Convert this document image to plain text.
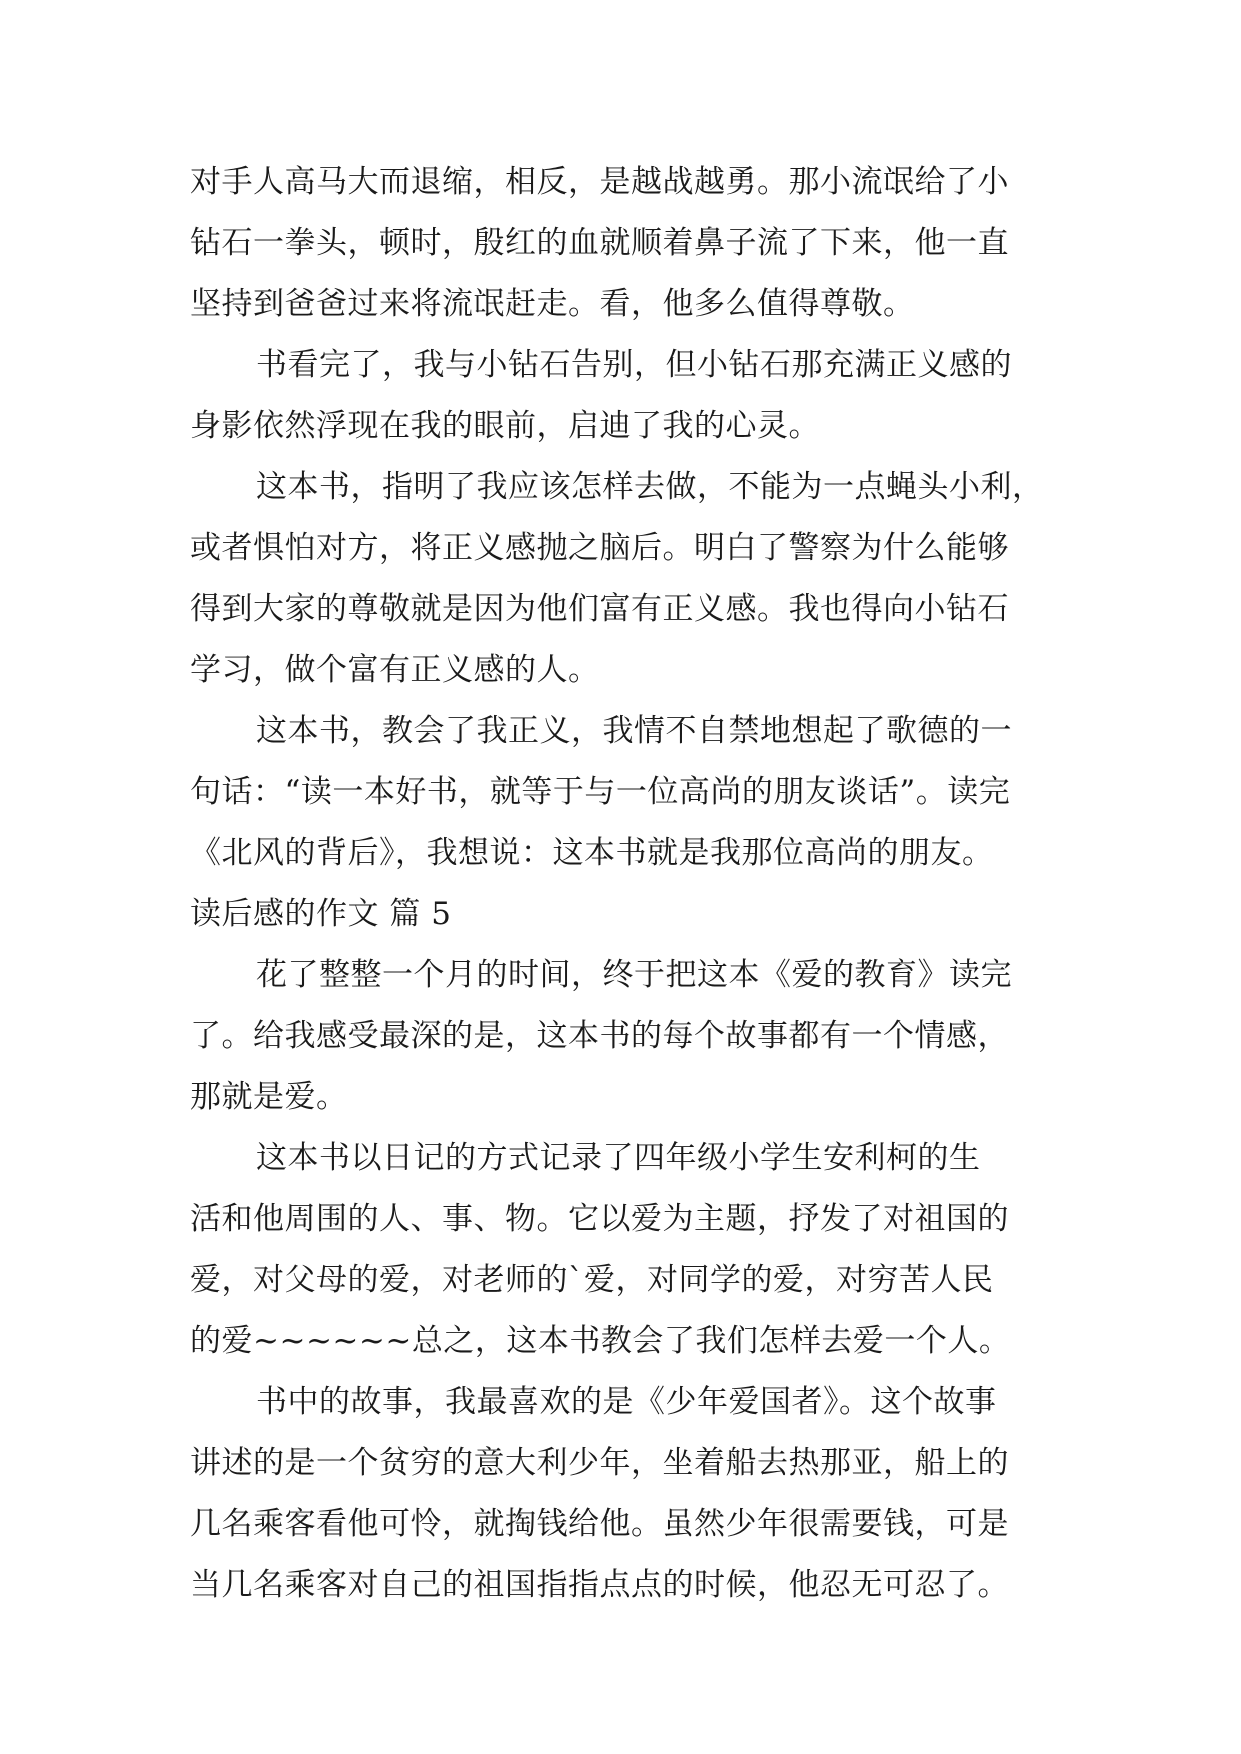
对手人高马大而退缩，相反，是越战越勇。那小流氓给了小
钻石一拳头，顿时，殷红的血就顺着鼻子流了下来，他一直
坚持到爸爸过来将流氓赶走。看，他多么值得尊敬。
书看完了，我与小钻石告别，但小钻石那充满正义感的
身影依然浮现在我的眼前，启迪了我的心灵。
这本书，指明了我应该怎样去做，不能为一点蝇头小利，
或者惧怕对方，将正义感抛之脑后。明白了警察为什么能够
得到大家的尊敬就是因为他们富有正义感。我也得向小钻石
学习，做个富有正义感的人。
这本书，教会了我正义，我情不自禁地想起了歌德的一
句话：“读一本好书，就等于与一位高尚的朋友谈话”。读完
《北风的背后》，我想说：这本书就是我那位高尚的朋友。
读后感的作文 篇 5
花了整整一个月的时间，终于把这本《爱的教育》读完
了。给我感受最深的是，这本书的每个故事都有一个情感，
那就是爱。
这本书以日记的方式记录了四年级小学生安利柯的生
活和他周围的人、事、物。它以爱为主题，抒发了对祖国的
爱，对父母的爱，对老师的`爱，对同学的爱，对穷苦人民
的爱~~~~~~总之，这本书教会了我们怎样去爱一个人。
书中的故事，我最喜欢的是《少年爱国者》。这个故事
讲述的是一个贫穷的意大利少年，坐着船去热那亚，船上的
几名乘客看他可怜，就掏钱给他。虽然少年很需要钱，可是
当几名乘客对自己的祖国指指点点的时候，他忍无可忍了。
